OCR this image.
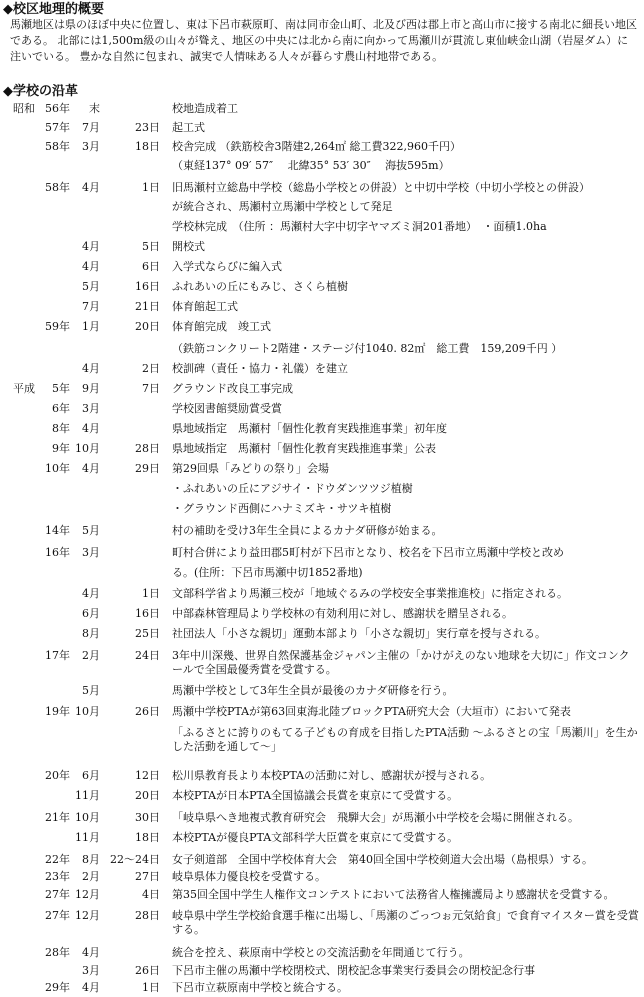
◆校区地理的概要
馬瀬地区は県のほぼ中央に位置し、東は下呂市萩原町、南は同市金山町、北及び西は郡上市と高山市に接する南北に細長い地区である。 北部には1,500m級の山々が聳え、地区の中央には北から南に向かって馬瀬川が貫流し東仙峡金山湖（岩屋ダム）に注いでいる。 豊かな自然に包まれ、誠実で人情味ある人々が暮らす農山村地帯である。
◆学校の沿革
昭和 56年	末	校地造成着工
57年	7月	23日 起工式
58年	3月	18日 校舎完成 （鉄筋校舎3階建2,264㎡ 総工費322,960千円）
（東経137° 09′ 57″　 北緯35° 53′ 30″ 　海抜595m）
58年	4月	1日 旧馬瀬村立総島中学校（総島小学校との併設）と中切中学校（中切小学校との併設）
が統合され、馬瀬村立馬瀬中学校として発足
学校林完成　（住所 ：馬瀬村大字中切字ヤマズミ洞201番地）　・面積1.0ha
4月	5日 開校式
4月	6日 入学式ならびに編入式
5月	16日 ふれあいの丘にもみじ、さくら植樹
7月	21日 体育館起工式
59年	1月	20日 体育館完成　竣工式
（鉄筋コンクリート2階建・ステージ付1040. 82㎡　総工費　159,209千円 ）
4月	2日 校訓碑（責任・協力・礼儀）を建立
平成	5年	9月	7日 グラウンド改良工事完成
6年	3月	学校図書館奨励賞受賞
8年	4月	県地域指定　馬瀬村「個性化教育実践推進事業」初年度
9年 10月	28日 県地域指定　馬瀬村「個性化教育実践推進事業」公表
10年	4月	29日 第29回県「みどりの祭り」会場
・ふれあいの丘にアジサイ・ドウダンツツジ植樹
・グラウンド西側にハナミズキ・サツキ植樹
14年	5月	村の補助を受け3年生全員によるカナダ研修が始まる。
16年	3月	町村合併により益田郡5町村が下呂市となり、校名を下呂市立馬瀬中学校と改め
る。(住所：下呂市馬瀬中切1852番地)
4月	1日 文部科学省より馬瀬三校が「地域ぐるみの学校安全事業推進校」に指定される。
6月	16日 中部森林管理局より学校林の有効利用に対し、感謝状を贈呈される。
8月	25日 社団法人「小さな親切」運動本部より「小さな親切」実行章を授与される。
17年	2月	24日 3年中川深幾、世界自然保護基金ジャパン主催の「かけがえのない地球を大切に」作文コンクールで全国最優秀賞を受賞する。
5月	馬瀬中学校として3年生全員が最後のカナダ研修を行う。
19年 10月	26日 馬瀬中学校PTAが第63回東海北陸ブロックPTA研究大会（大垣市）において発表
「ふるさとに誇りのもてる子どもの育成を目指したPTA活動 〜ふるさとの宝「馬瀬川」を生かした活動を通して〜」
20年	6月	12日 松川県教育長より本校PTAの活動に対し、感謝状が授与される。
11月	20日 本校PTAが日本PTA全国協議会長賞を東京にて受賞する。
21年 10月	30日 「岐阜県へき地複式教育研究会　飛騨大会」が馬瀬小中学校を会場に開催される。
11月	18日 本校PTAが優良PTA文部科学大臣賞を東京にて受賞する。
22年	8月 22〜24日 女子剣道部　全国中学校体育大会　第40回全国中学校剣道大会出場（島根県）する。
23年	2月	27日 岐阜県体力優良校を受賞する。
27年 12月	4日 第35回全国中学生人権作文コンテストにおいて法務省人権擁護局より感謝状を受賞する。
27年 12月	28日 岐阜県中学生学校給食選手権に出場し、「馬瀬のごっつぉ元気給食」で食育マイスター賞を受賞する。
28年	4月	統合を控え、萩原南中学校との交流活動を年間通じて行う。
3月	26日 下呂市主催の馬瀬中学校閉校式、閉校記念事業実行委員会の閉校記念行事
29年	4月	1日 下呂市立萩原南中学校と統合する。
